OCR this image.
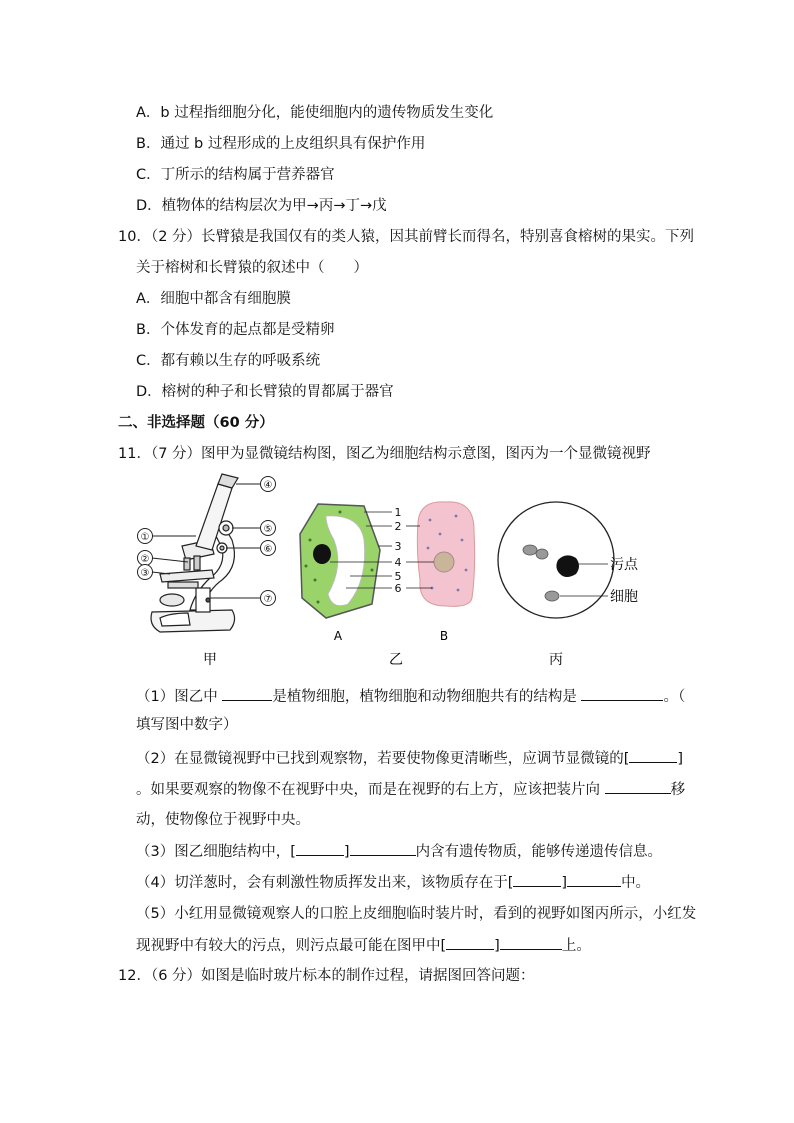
A．b 过程指细胞分化，能使细胞内的遗传物质发生变化
B．通过 b 过程形成的上皮组织具有保护作用
C．丁所示的结构属于营养器官
D．植物体的结构层次为甲→丙→丁→戊
10．（2 分）长臂猿是我国仅有的类人猿，因其前臂长而得名，特别喜食榕树的果实。下列
关于榕树和长臂猿的叙述中（　　）
A．细胞中都含有细胞膜
B．个体发育的起点都是受精卵
C．都有赖以生存的呼吸系统
D．榕树的种子和长臂猿的胃都属于器官
二、非选择题（60 分）
11．（7 分）图甲为显微镜结构图，图乙为细胞结构示意图，图丙为一个显微镜视野
④
⑤
⑥
⑦
①
②
③
甲
1
2
3
4
5
6
A	B
乙
污点
细胞
丙
（1）图乙中	是植物细胞，植物细胞和动物细胞共有的结构是	。（
填写图中数字）
（2）在显微镜视野中已找到观察物，若要使物像更清晰些，应调节显微镜的[	]
。如果要观察的物像不在视野中央，而是在视野的右上方，应该把装片向	移
动，使物像位于视野中央。
（3）图乙细胞结构中，[	]	内含有遗传物质，能够传递遗传信息。
（4）切洋葱时，会有刺激性物质挥发出来，该物质存在于[	]	中。
（5）小红用显微镜观察人的口腔上皮细胞临时装片时，看到的视野如图丙所示，小红发
现视野中有较大的污点，则污点最可能在图甲中[	]	上。
12．（6 分）如图是临时玻片标本的制作过程，请据图回答问题：
